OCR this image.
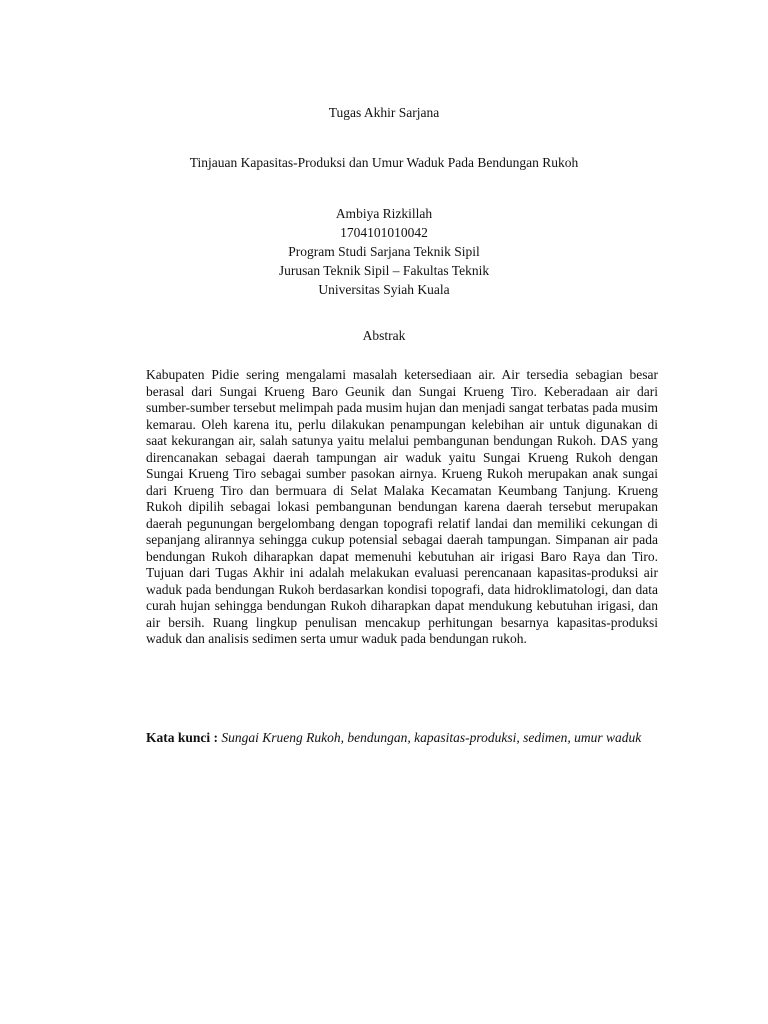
Tugas Akhir Sarjana
Tinjauan Kapasitas-Produksi dan Umur Waduk Pada Bendungan Rukoh
Ambiya Rizkillah
1704101010042
Program Studi Sarjana Teknik Sipil
Jurusan Teknik Sipil – Fakultas Teknik
Universitas Syiah Kuala
Abstrak

Kabupaten Pidie sering mengalami masalah ketersediaan air. Air tersedia sebagian besar berasal dari Sungai Krueng Baro Geunik dan Sungai Krueng Tiro. Keberadaan air dari sumber-sumber tersebut melimpah pada musim hujan dan menjadi sangat terbatas pada musim kemarau. Oleh karena itu, perlu dilakukan penampungan kelebihan air untuk digunakan di saat kekurangan air, salah satunya yaitu melalui pembangunan bendungan Rukoh. DAS yang direncanakan sebagai daerah tampungan air waduk yaitu Sungai Krueng Rukoh dengan Sungai Krueng Tiro sebagai sumber pasokan airnya. Krueng Rukoh merupakan anak sungai dari Krueng Tiro dan bermuara di Selat Malaka Kecamatan Keumbang Tanjung. Krueng Rukoh dipilih sebagai lokasi pembangunan bendungan karena daerah tersebut merupakan daerah pegunungan bergelombang dengan topografi relatif landai dan memiliki cekungan di sepanjang alirannya sehingga cukup potensial sebagai daerah tampungan. Simpanan air pada bendungan Rukoh diharapkan dapat memenuhi kebutuhan air irigasi Baro Raya dan Tiro. Tujuan dari Tugas Akhir ini adalah melakukan evaluasi perencanaan kapasitas-produksi air waduk pada bendungan Rukoh berdasarkan kondisi topografi, data hidroklimatologi, dan data curah hujan sehingga bendungan Rukoh diharapkan dapat mendukung kebutuhan irigasi, dan air bersih. Ruang lingkup penulisan mencakup perhitungan besarnya kapasitas-produksi waduk dan analisis sedimen serta umur waduk pada bendungan rukoh.

Kata kunci : Sungai Krueng Rukoh, bendungan, kapasitas-produksi, sedimen, umur waduk
